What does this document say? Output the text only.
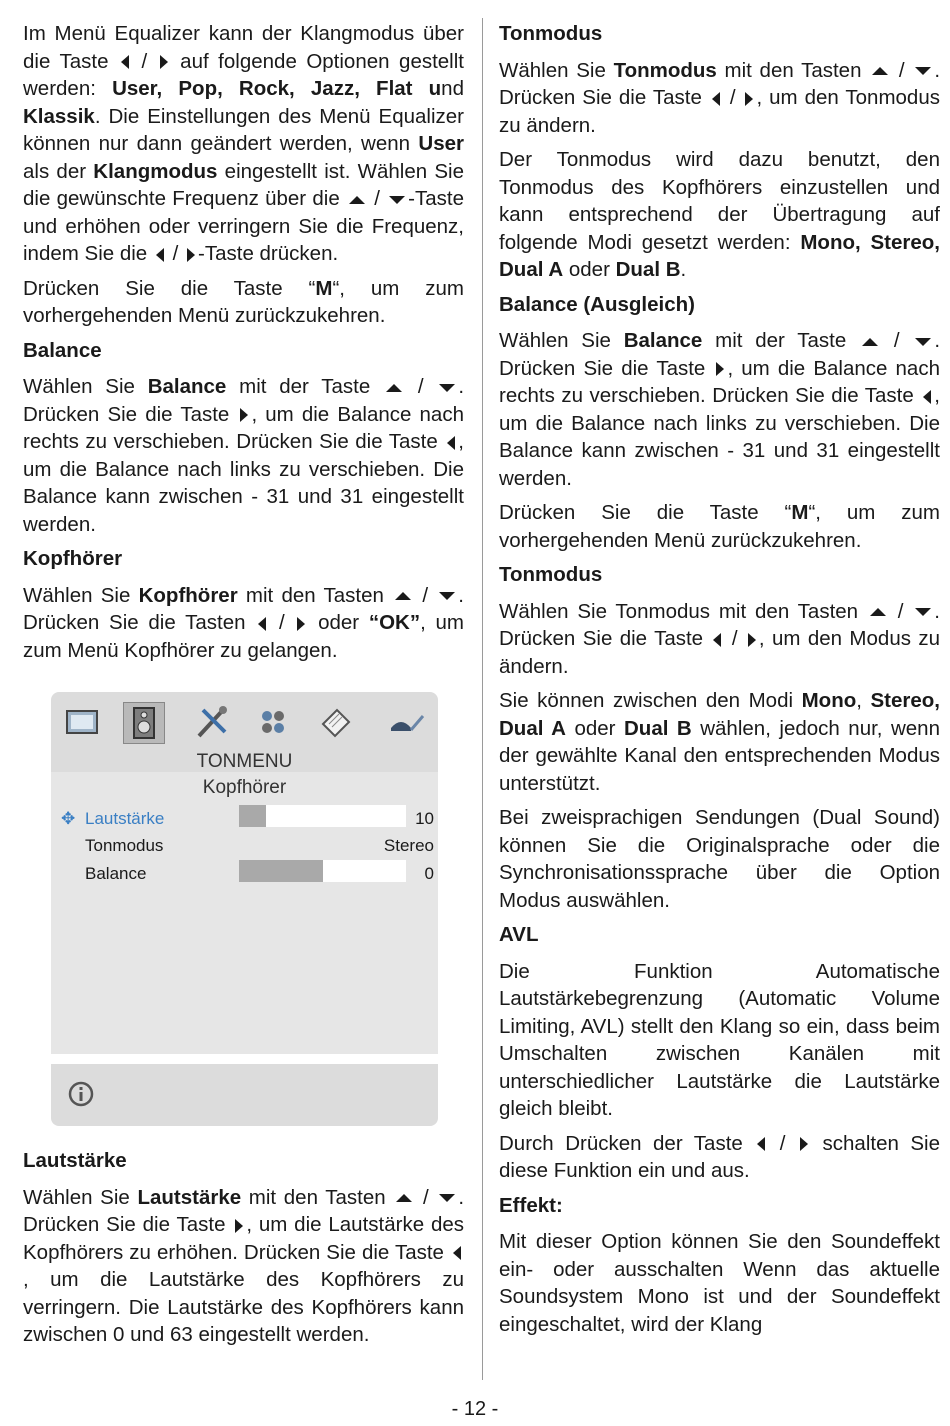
Im Menü Equalizer kann der Klangmodus über die Taste  /  auf folgende Optionen gestellt werden: User, Pop, Rock, Jazz, Flat und Klassik. Die Einstellungen des Menü Equalizer können nur dann geändert werden, wenn User als der Klangmodus eingestellt ist. Wählen Sie die gewünschte Frequenz über die  / -Taste und erhöhen oder verringern Sie die Frequenz, indem Sie die  / -Taste drücken.

Drücken Sie die Taste “M“, um zum vorhergehenden Menü zurückzukehren.

Balance

Wählen Sie Balance mit der Taste  / . Drücken Sie die Taste , um die Balance nach rechts zu verschieben. Drücken Sie die Taste , um die Balance nach links zu verschieben. Die Balance kann zwischen - 31 und 31 eingestellt werden.

Kopfhörer

Wählen Sie Kopfhörer mit den Tasten  / . Drücken Sie die Tasten  /  oder “OK”, um zum Menü Kopfhörer zu gelangen.

TONMENU
Kopfhörer
✥ Lautstärke	10
Tonmodus	Stereo
Balance	0
Lautstärke

Wählen Sie Lautstärke mit den Tasten  / . Drücken Sie die Taste , um die Lautstärke des Kopfhörers zu erhöhen. Drücken Sie die Taste , um die Lautstärke des Kopfhörers zu verringern. Die Lautstärke des Kopfhörers kann zwischen 0 und 63 eingestellt werden.

Tonmodus

Wählen Sie Tonmodus mit den Tasten  / . Drücken Sie die Taste  / , um den Tonmodus zu ändern.

Der Tonmodus wird dazu benutzt, den Tonmodus des Kopfhörers einzustellen und kann entsprechend der Übertragung auf folgende Modi gesetzt werden: Mono, Stereo, Dual A oder Dual B.

Balance (Ausgleich)

Wählen Sie Balance mit der Taste  / . Drücken Sie die Taste , um die Balance nach rechts zu verschieben. Drücken Sie die Taste , um die Balance nach links zu verschieben. Die Balance kann zwischen - 31 und 31 eingestellt werden.

Drücken Sie die Taste “M“, um zum vorhergehenden Menü zurückzukehren.

Tonmodus

Wählen Sie Tonmodus mit den Tasten  / . Drücken Sie die Taste  / , um den Modus zu ändern.

Sie können zwischen den Modi Mono, Stereo, Dual A oder Dual B wählen, jedoch nur, wenn der gewählte Kanal den entsprechenden Modus unterstützt.

Bei zweisprachigen Sendungen (Dual Sound) können Sie die Originalsprache oder die Synchronisationssprache über die Option Modus auswählen.

AVL

Die Funktion Automatische Lautstärkebegrenzung (Automatic Volume Limiting, AVL) stellt den Klang so ein, dass beim Umschalten zwischen Kanälen mit unterschiedlicher Lautstärke die Lautstärke gleich bleibt.

Durch Drücken der Taste  /  schalten Sie diese Funktion ein und aus.

Effekt:

Mit dieser Option können Sie den Soundeffekt ein- oder ausschalten Wenn das aktuelle Soundsystem Mono ist und der Soundeffekt eingeschaltet, wird der Klang

- 12 -
